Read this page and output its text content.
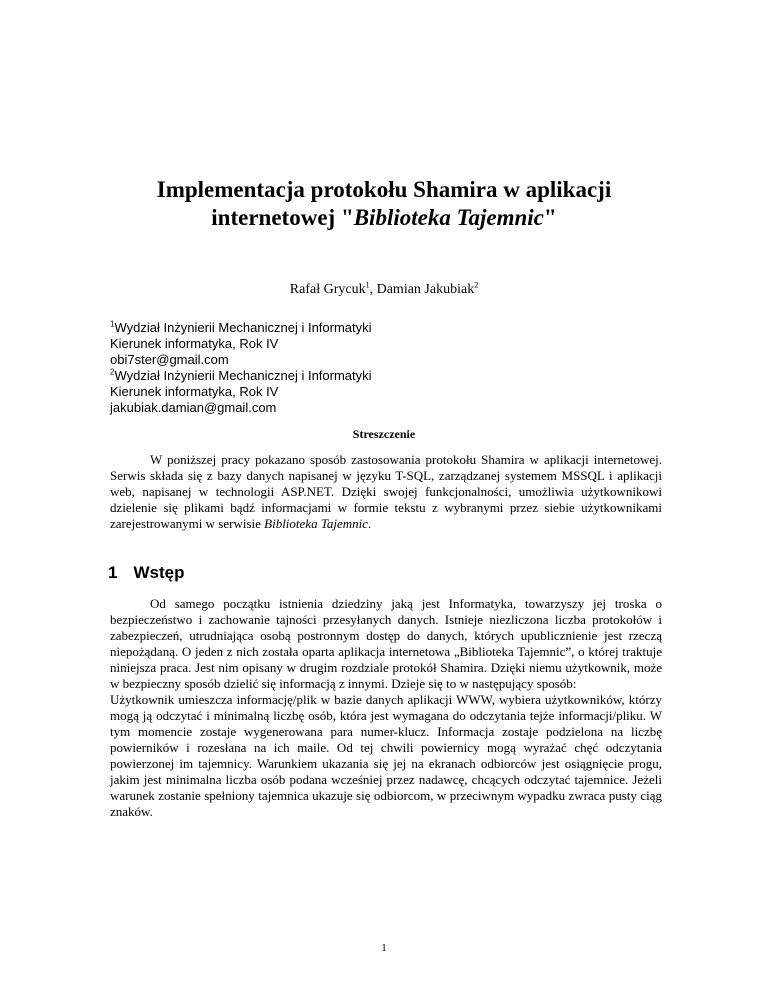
Implementacja protokołu Shamira w aplikacji
internetowej "Biblioteka Tajemnic"

Rafał Grycuk$^1$, Damian Jakubiak$^2$

$^1$Wydział Inżynierii Mechanicznej i Informatyki
Kierunek informatyka, Rok IV
obi7ster@gmail.com
$^2$Wydział Inżynierii Mechanicznej i Informatyki
Kierunek informatyka, Rok IV
jakubiak.damian@gmail.com
Streszczenie

W poniższej pracy pokazano sposób zastosowania protokołu Shamira w aplikacji internetowej. Serwis składa się z bazy danych napisanej w języku T-SQL, zarządzanej systemem MSSQL i aplikacji web, napisanej w technologii ASP.NET. Dzięki swojej funkcjonalności, umożliwia użytkownikowi dzielenie się plikami bądź informacjami w formie tekstu z wybranymi przez siebie użytkownikami zarejestrowanymi w serwisie Biblioteka Tajemnic.

1 Wstęp

Od samego początku istnienia dziedziny jaką jest Informatyka, towarzyszy jej troska o bezpieczeństwo i zachowanie tajności przesyłanych danych. Istnieje niezliczona liczba protokołów i zabezpieczeń, utrudniająca osobą postronnym dostęp do danych, których upublicznienie jest rzeczą niepożądaną. O jeden z nich została oparta aplikacja internetowa „Biblioteka Tajemnic”, o której traktuje niniejsza praca. Jest nim opisany w drugim rozdziale protokół Shamira. Dzięki niemu użytkownik, może w bezpieczny sposób dzielić się informacją z innymi. Dzieje się to w następujący sposób:

Użytkownik umieszcza informację/plik w bazie danych aplikacji WWW, wybiera użytkowników, którzy mogą ją odczytać i minimalną liczbę osób, która jest wymagana do odczytania tejże informacji/pliku. W tym momencie zostaje wygenerowana para numer-klucz. Informacja zostaje podzielona na liczbę powierników i rozesłana na ich maile. Od tej chwili powiernicy mogą wyrażać chęć odczytania powierzonej im tajemnicy. Warunkiem ukazania się jej na ekranach odbiorców jest osiągnięcie progu, jakim jest minimalna liczba osób podana wcześniej przez nadawcę, chcących odczytać tajemnice. Jeżeli warunek zostanie spełniony tajemnica ukazuje się odbiorcom, w przeciwnym wypadku zwraca pusty ciąg znaków.

1
